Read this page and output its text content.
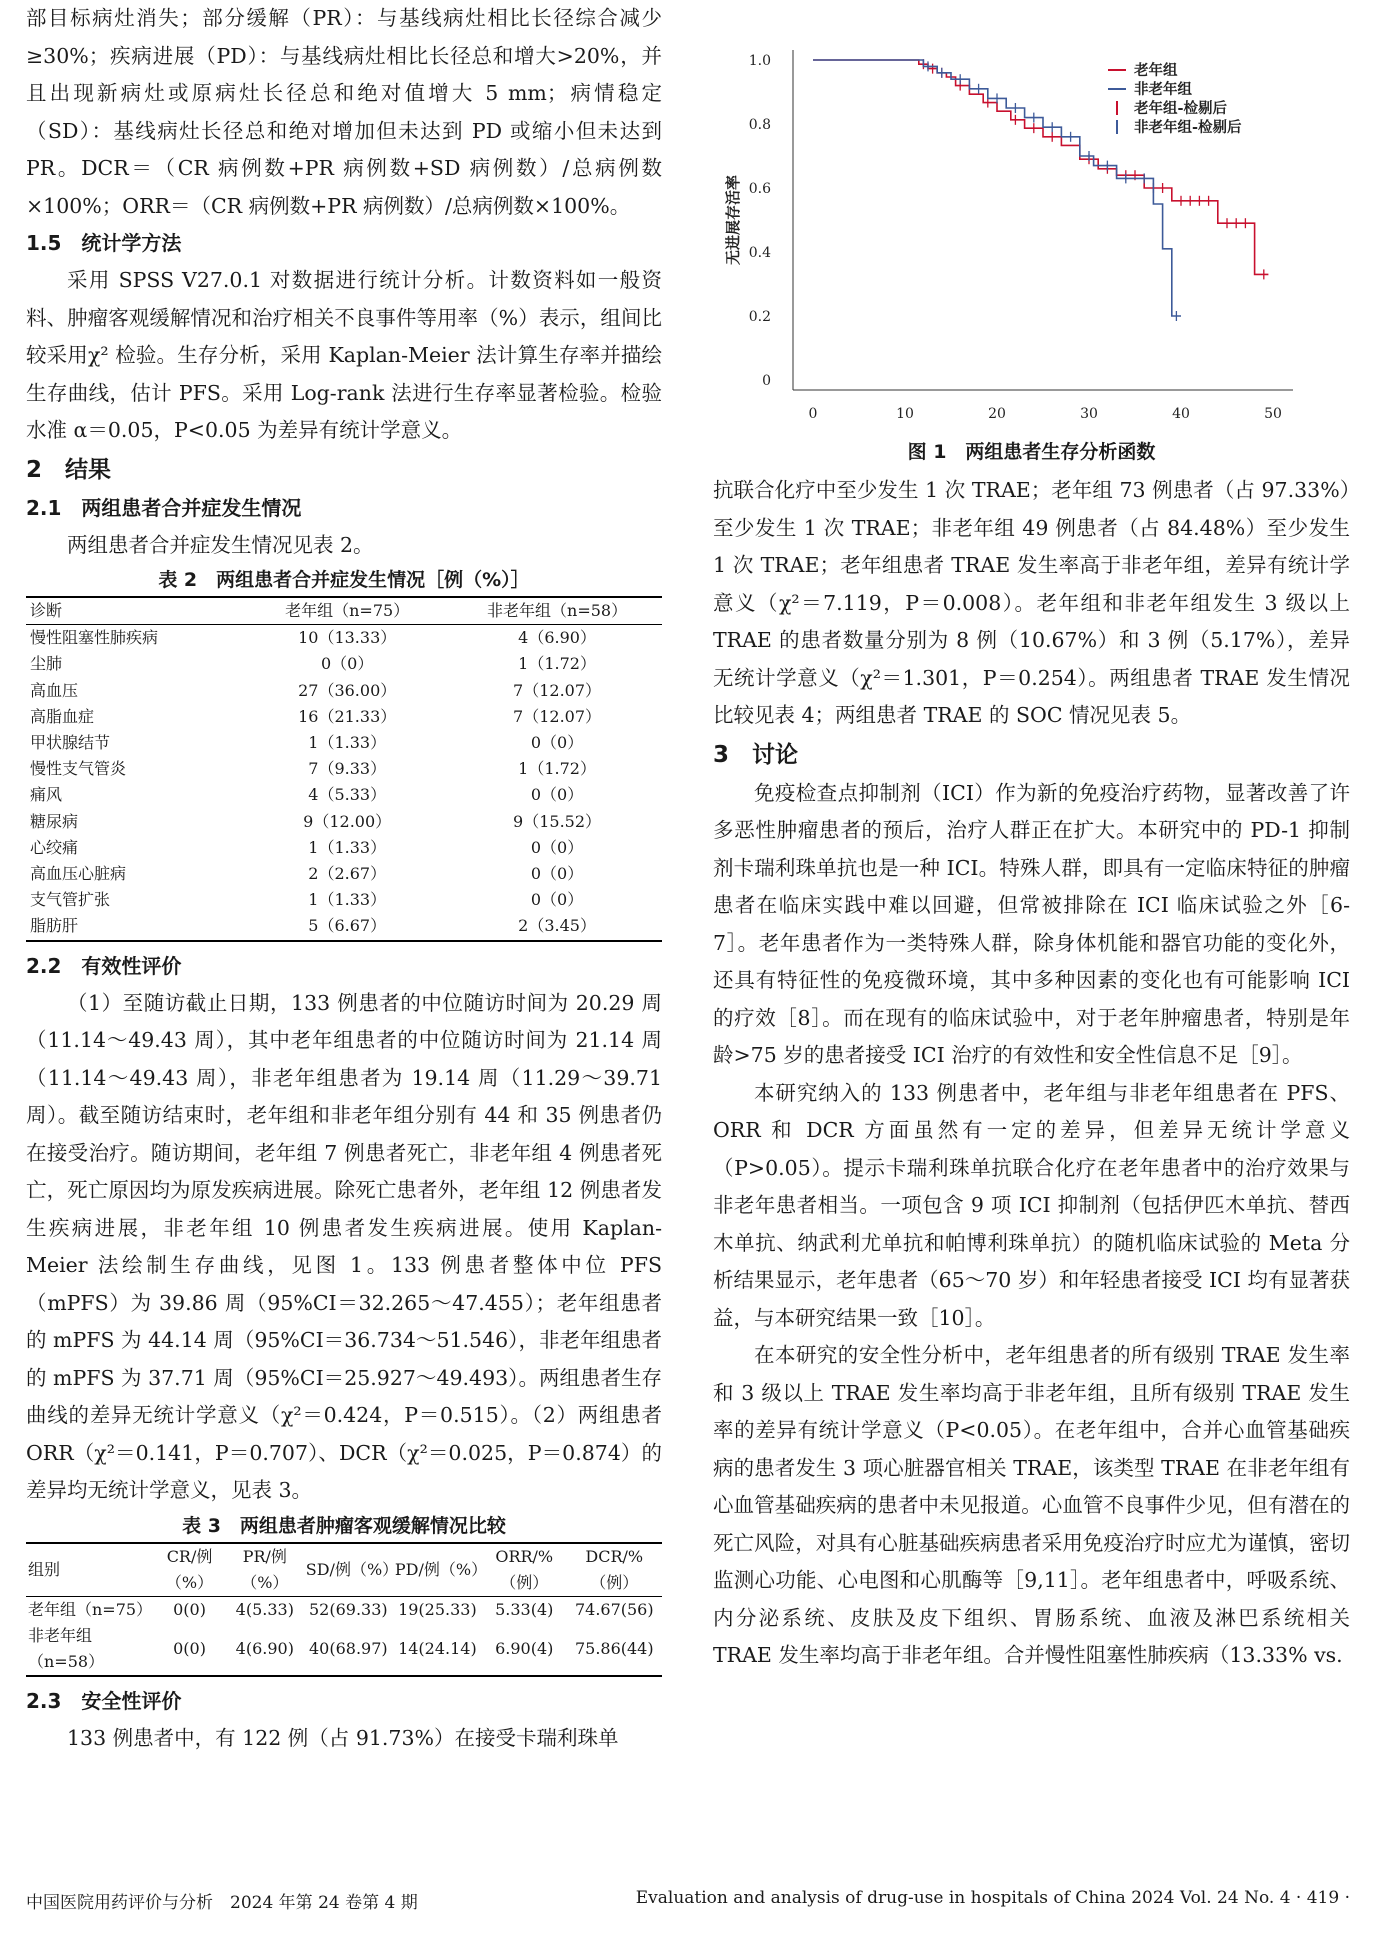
部目标病灶消失；部分缓解（PR）：与基线病灶相比长径综合减少≥30%；疾病进展（PD）：与基线病灶相比长径总和增大>20%，并且出现新病灶或原病灶长径总和绝对值增大 5 mm；病情稳定（SD）：基线病灶长径总和绝对增加但未达到 PD 或缩小但未达到 PR。DCR＝（CR 病例数+PR 病例数+SD 病例数）/总病例数×100%；ORR＝（CR 病例数+PR 病例数）/总病例数×100%。

1.5　统计学方法

采用 SPSS V27.0.1 对数据进行统计分析。计数资料如一般资料、肿瘤客观缓解情况和治疗相关不良事件等用率（%）表示，组间比较采用χ² 检验。生存分析，采用 Kaplan-Meier 法计算生存率并描绘生存曲线，估计 PFS。采用 Log-rank 法进行生存率显著检验。检验水准 α＝0.05，P<0.05 为差异有统计学意义。

2　结果
2.1　两组患者合并症发生情况

两组患者合并症发生情况见表 2。

表 2　两组患者合并症发生情况［例（%）］
诊断	老年组（n=75）	非老年组（n=58）
慢性阻塞性肺疾病	10（13.33）	4（6.90）
尘肺	0（0）	1（1.72）
高血压	27（36.00）	7（12.07）
高脂血症	16（21.33）	7（12.07）
甲状腺结节	1（1.33）	0（0）
慢性支气管炎	7（9.33）	1（1.72）
痛风	4（5.33）	0（0）
糖尿病	9（12.00）	9（15.52）
心绞痛	1（1.33）	0（0）
高血压心脏病	2（2.67）	0（0）
支气管扩张	1（1.33）	0（0）
脂肪肝	5（6.67）	2（3.45）
2.2　有效性评价

（1）至随访截止日期，133 例患者的中位随访时间为 20.29 周（11.14～49.43 周），其中老年组患者的中位随访时间为 21.14 周（11.14～49.43 周），非老年组患者为 19.14 周（11.29～39.71 周）。截至随访结束时，老年组和非老年组分别有 44 和 35 例患者仍在接受治疗。随访期间，老年组 7 例患者死亡，非老年组 4 例患者死亡，死亡原因均为原发疾病进展。除死亡患者外，老年组 12 例患者发生疾病进展，非老年组 10 例患者发生疾病进展。使用 Kaplan-Meier 法绘制生存曲线，见图 1。133 例患者整体中位 PFS（mPFS）为 39.86 周（95%CI＝32.265～47.455）；老年组患者的 mPFS 为 44.14 周（95%CI＝36.734～51.546），非老年组患者的 mPFS 为 37.71 周（95%CI＝25.927～49.493）。两组患者生存曲线的差异无统计学意义（χ²＝0.424，P＝0.515）。（2）两组患者 ORR（χ²＝0.141，P＝0.707）、DCR（χ²＝0.025，P＝0.874）的差异均无统计学意义，见表 3。

表 3　两组患者肿瘤客观缓解情况比较
组别	CR/例（%）	PR/例（%）	SD/例（%）	PD/例（%）	ORR/%（例）	DCR/%（例）
老年组（n=75）	0(0)	4(5.33)	52(69.33)	19(25.33)	5.33(4)	74.67(56)
非老年组（n=58）	0(0)	4(6.90)	40(68.97)	14(24.14)	6.90(4)	75.86(44)
2.3　安全性评价

133 例患者中，有 122 例（占 91.73%）在接受卡瑞利珠单

0
0.2
0.4
0.6
0.8
1.0
0	10	20	30	40	50
无进展存活率
老年组
非老年组
老年组-检剔后
非老年组-检剔后
图 1　两组患者生存分析函数

抗联合化疗中至少发生 1 次 TRAE；老年组 73 例患者（占 97.33%）至少发生 1 次 TRAE；非老年组 49 例患者（占 84.48%）至少发生 1 次 TRAE；老年组患者 TRAE 发生率高于非老年组，差异有统计学意义（χ²＝7.119，P＝0.008）。老年组和非老年组发生 3 级以上 TRAE 的患者数量分别为 8 例（10.67%）和 3 例（5.17%），差异无统计学意义（χ²＝1.301，P＝0.254）。两组患者 TRAE 发生情况比较见表 4；两组患者 TRAE 的 SOC 情况见表 5。

3　讨论

免疫检查点抑制剂（ICI）作为新的免疫治疗药物，显著改善了许多恶性肿瘤患者的预后，治疗人群正在扩大。本研究中的 PD-1 抑制剂卡瑞利珠单抗也是一种 ICI。特殊人群，即具有一定临床特征的肿瘤患者在临床实践中难以回避，但常被排除在 ICI 临床试验之外［6-7］。老年患者作为一类特殊人群，除身体机能和器官功能的变化外，还具有特征性的免疫微环境，其中多种因素的变化也有可能影响 ICI 的疗效［8］。而在现有的临床试验中，对于老年肿瘤患者，特别是年龄>75 岁的患者接受 ICI 治疗的有效性和安全性信息不足［9］。

本研究纳入的 133 例患者中，老年组与非老年组患者在 PFS、ORR 和 DCR 方面虽然有一定的差异，但差异无统计学意义（P>0.05）。提示卡瑞利珠单抗联合化疗在老年患者中的治疗效果与非老年患者相当。一项包含 9 项 ICI 抑制剂（包括伊匹木单抗、替西木单抗、纳武利尤单抗和帕博利珠单抗）的随机临床试验的 Meta 分析结果显示，老年患者（65～70 岁）和年轻患者接受 ICI 均有显著获益，与本研究结果一致［10］。

在本研究的安全性分析中，老年组患者的所有级别 TRAE 发生率和 3 级以上 TRAE 发生率均高于非老年组，且所有级别 TRAE 发生率的差异有统计学意义（P<0.05）。在老年组中，合并心血管基础疾病的患者发生 3 项心脏器官相关 TRAE，该类型 TRAE 在非老年组有心血管基础疾病的患者中未见报道。心血管不良事件少见，但有潜在的死亡风险，对具有心脏基础疾病患者采用免疫治疗时应尤为谨慎，密切监测心功能、心电图和心肌酶等［9,11］。老年组患者中，呼吸系统、内分泌系统、皮肤及皮下组织、胃肠系统、血液及淋巴系统相关 TRAE 发生率均高于非老年组。合并慢性阻塞性肺疾病（13.33% vs.

中国医院用药评价与分析　2024 年第 24 卷第 4 期	Evaluation and analysis of drug-use in hospitals of China 2024 Vol. 24 No. 4 · 419 ·
